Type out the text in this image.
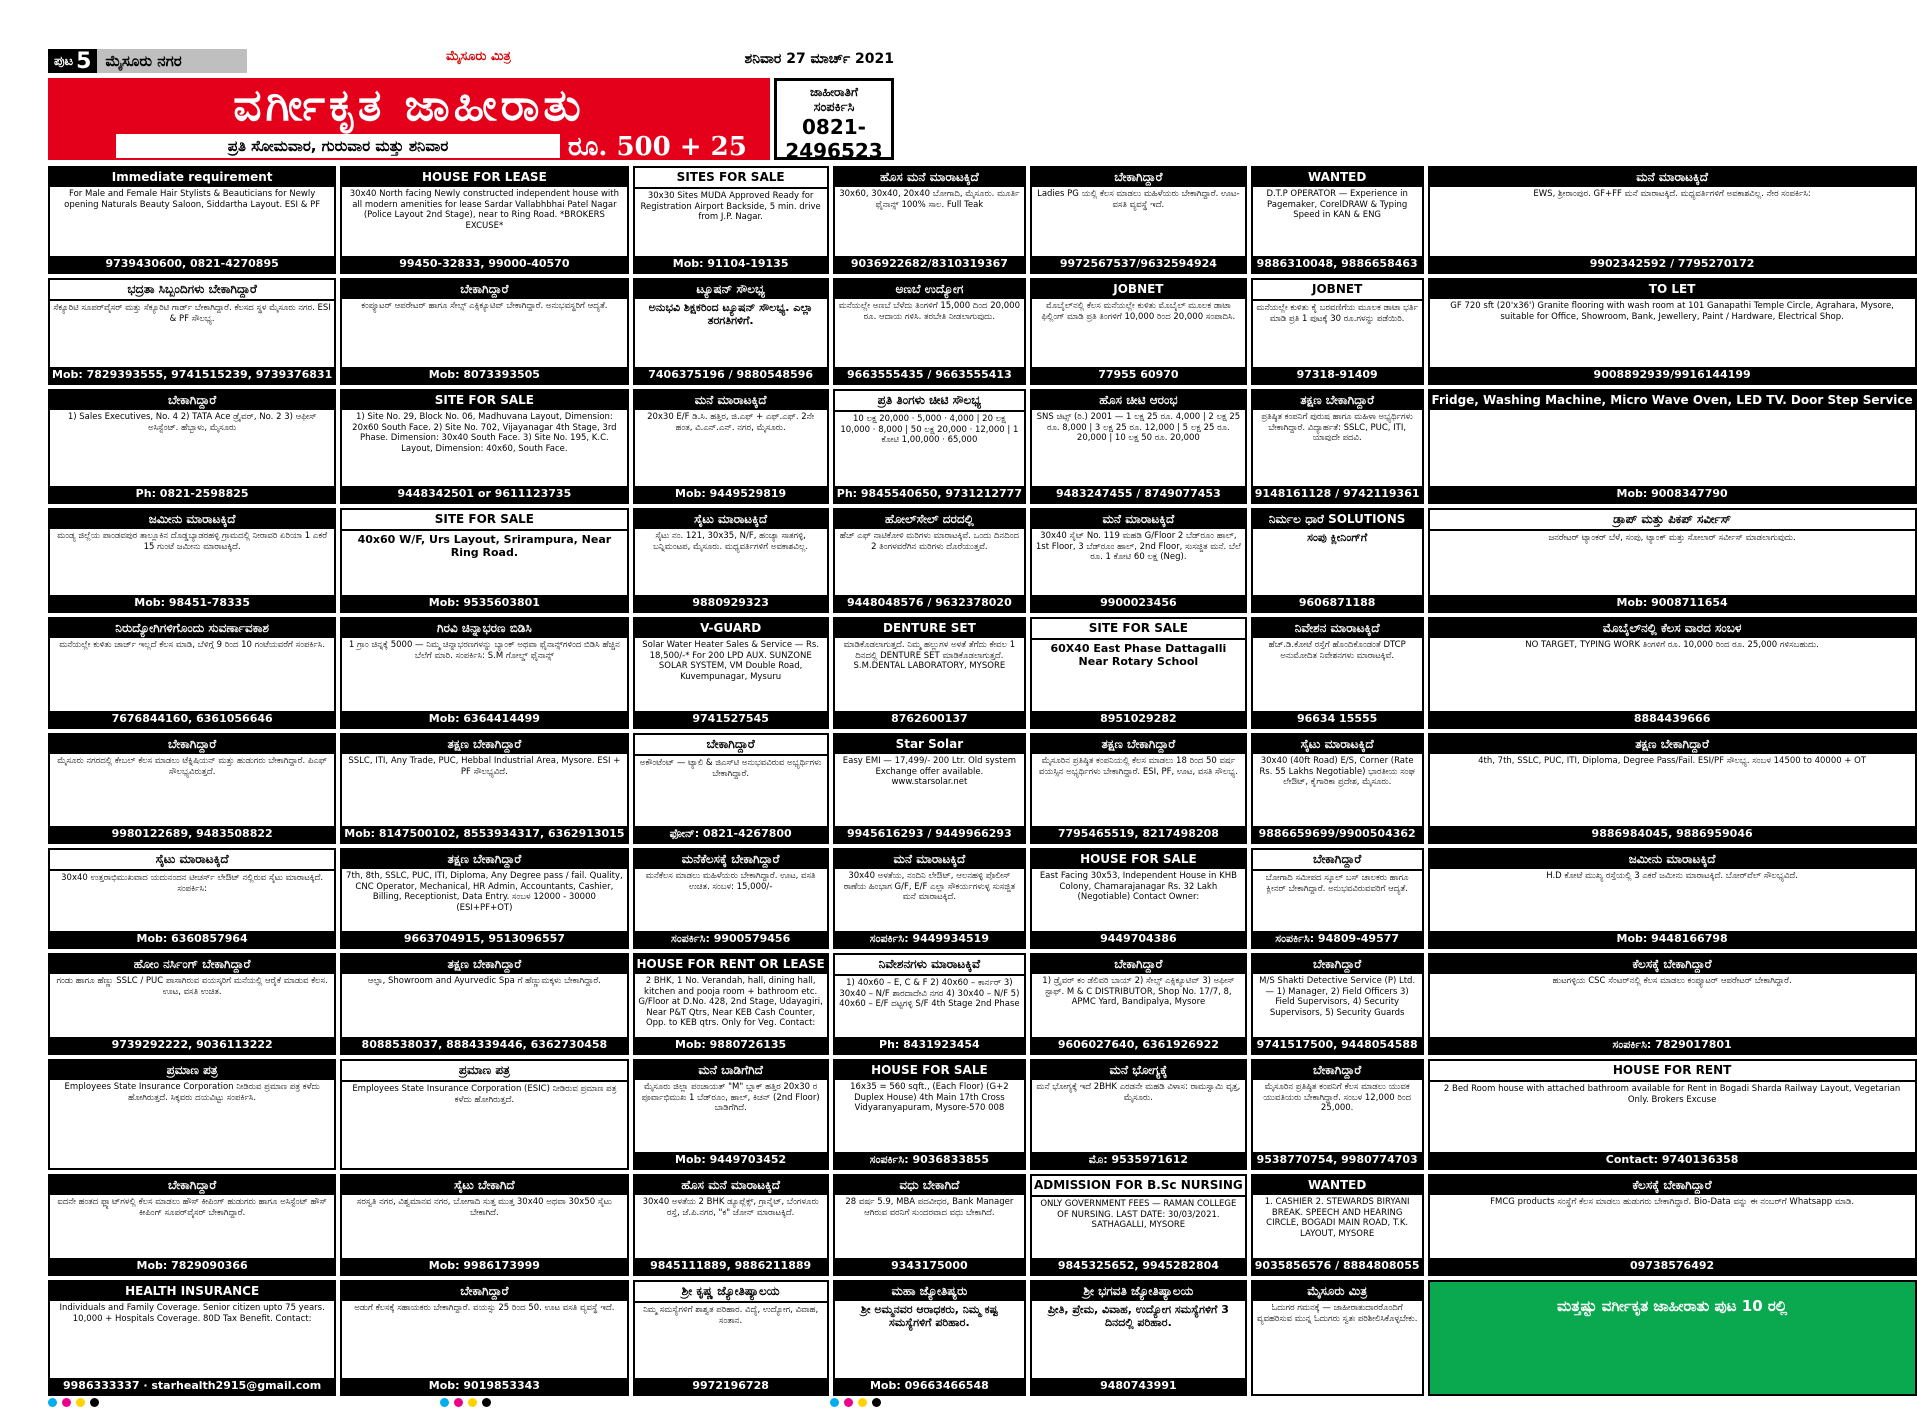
ಪುಟ 5 ಮೈಸೂರು ನಗರ	ಮೈಸೂರು ಮಿತ್ರ	ಶನಿವಾರ 27 ಮಾರ್ಚ್ 2021
ವರ್ಗೀಕೃತ ಜಾಹೀರಾತು
ಪ್ರತಿ ಸೋಮವಾರ, ಗುರುವಾರ ಮತ್ತು ಶನಿವಾರ	ರೂ. 500 + 25
ಜಾಹೀರಾತಿಗೆ
ಸಂಪರ್ಕಿಸಿ
0821-
2496523
Immediate requirement
For Male and Female Hair Stylists & Beauticians for Newly opening Naturals Beauty Saloon, Siddartha Layout. ESI & PF
9739430600, 0821-4270895
HOUSE FOR LEASE
30x40 North facing Newly constructed independent house with all modern amenities for lease Sardar Vallabhbhai Patel Nagar (Police Layout 2nd Stage), near to Ring Road. *BROKERS EXCUSE*
99450-32833, 99000-40570
SITES FOR SALE
30x30 Sites MUDA Approved Ready for Registration Airport Backside, 5 min. drive from J.P. Nagar.
Mob: 91104-19135
ಹೊಸ ಮನೆ ಮಾರಾಟಕ್ಕಿದೆ
30x60, 30x40, 20x40 ಬೋಗಾದಿ, ಮೈಸೂರು. ಮೂರ್ತಿ ಫೈನಾನ್ಸ್ 100% ಸಾಲ. Full Teak
9036922682/8310319367
ಬೇಕಾಗಿದ್ದಾರೆ
Ladies PG ಯಲ್ಲಿ ಕೆಲಸ ಮಾಡಲು ಮಹಿಳೆಯರು ಬೇಕಾಗಿದ್ದಾರೆ. ಊಟ-ವಸತಿ ವ್ಯವಸ್ಥೆ ಇದೆ.
9972567537/9632594924
WANTED
D.T.P OPERATOR — Experience in Pagemaker, CorelDRAW & Typing Speed in KAN & ENG
9886310048, 9886658463
ಮನೆ ಮಾರಾಟಕ್ಕಿದೆ
EWS, ಶ್ರೀರಾಂಪುರ. GF+FF ಮನೆ ಮಾರಾಟಕ್ಕಿದೆ. ಮಧ್ಯವರ್ತಿಗಳಿಗೆ ಅವಕಾಶವಿಲ್ಲ. ನೇರ ಸಂಪರ್ಕಿಸಿ:
9902342592 / 7795270172
ಭದ್ರತಾ ಸಿಬ್ಬಂದಿಗಳು ಬೇಕಾಗಿದ್ದಾರೆ
ಸೆಕ್ಯೂರಿಟಿ ಸೂಪರ್‌ವೈಸರ್ ಮತ್ತು ಸೆಕ್ಯೂರಿಟಿ ಗಾರ್ಡ್ ಬೇಕಾಗಿದ್ದಾರೆ. ಕೆಲಸದ ಸ್ಥಳ ಮೈಸೂರು ನಗರ. ESI & PF ಸೌಲಭ್ಯ.
Mob: 7829393555, 9741515239, 9739376831
ಬೇಕಾಗಿದ್ದಾರೆ
ಕಂಪ್ಯೂಟರ್ ಆಪರೇಟರ್ ಹಾಗೂ ಸೇಲ್ಸ್ ಎಕ್ಸಿಕ್ಯೂಟಿವ್ ಬೇಕಾಗಿದ್ದಾರೆ. ಅನುಭವಸ್ಥರಿಗೆ ಆದ್ಯತೆ.
Mob: 8073393505
ಟ್ಯೂಷನ್ ಸೌಲಭ್ಯ
ಅನುಭವಿ ಶಿಕ್ಷಕರಿಂದ ಟ್ಯೂಷನ್ ಸೌಲಭ್ಯ. ಎಲ್ಲಾ ತರಗತಿಗಳಿಗೆ.
7406375196 / 9880548596
ಅಣಬೆ ಉದ್ಯೋಗ
ಮನೆಯಲ್ಲೇ ಅಣಬೆ ಬೆಳೆದು ತಿಂಗಳಿಗೆ 15,000 ದಿಂದ 20,000 ರೂ. ಆದಾಯ ಗಳಿಸಿ. ತರಬೇತಿ ನೀಡಲಾಗುವುದು.
9663555435 / 9663555413
JOBNET
ಮೊಬೈಲ್‌ನಲ್ಲಿ ಕೆಲಸ ಮನೆಯಲ್ಲೇ ಕುಳಿತು ಮೊಬೈಲ್ ಮೂಲಕ ಡಾಟಾ ಫಿಲ್ಲಿಂಗ್ ಮಾಡಿ ಪ್ರತಿ ತಿಂಗಳಿಗೆ 10,000 ರಿಂದ 20,000 ಸಂಪಾದಿಸಿ.
77955 60970
JOBNET
ಮನೆಯಲ್ಲೇ ಕುಳಿತು ಕೈ ಬರವಣಿಗೆಯ ಮೂಲಕ ಡಾಟಾ ಭರ್ತಿ ಮಾಡಿ ಪ್ರತಿ 1 ಪುಟಕ್ಕೆ 30 ರೂ.ಗಳನ್ನು ಪಡೆಯಿರಿ.
97318-91409
TO LET
GF 720 sft (20'x36') Granite flooring with wash room at 101 Ganapathi Temple Circle, Agrahara, Mysore, suitable for Office, Showroom, Bank, Jewellery, Paint / Hardware, Electrical Shop.
9008892939/9916144199
ಬೇಕಾಗಿದ್ದಾರೆ
1) Sales Executives, No. 4 2) TATA Ace ಡ್ರೈವರ್, No. 2 3) ಆಫೀಸ್ ಅಸಿಸ್ಟೆಂಟ್. ಹೆಬ್ಬಾಳು, ಮೈಸೂರು
Ph: 0821-2598825
SITE FOR SALE
1) Site No. 29, Block No. 06, Madhuvana Layout, Dimension: 20x60 South Face. 2) Site No. 702, Vijayanagar 4th Stage, 3rd Phase. Dimension: 30x40 South Face. 3) Site No. 195, K.C. Layout, Dimension: 40x60, South Face.
9448342501 or 9611123735
ಮನೆ ಮಾರಾಟಕ್ಕಿದೆ
20x30 E/F ಡಿ.ಸಿ. ಹತ್ತಿರ, ಜಿ.ಎಫ್ + ಎಫ್.ಎಫ್. 2ನೇ ಹಂತ, ವಿ.ಎನ್.ಎನ್. ನಗರ, ಮೈಸೂರು.
Mob: 9449529819
ಪ್ರತಿ ತಿಂಗಳು ಚೀಟಿ ಸೌಲಭ್ಯ
10 ಲಕ್ಷ 20,000 · 5,000 · 4,000 | 20 ಲಕ್ಷ 10,000 · 8,000 | 50 ಲಕ್ಷ 20,000 · 12,000 | 1 ಕೋಟಿ 1,00,000 · 65,000
Ph: 9845540650, 9731212777
ಹೊಸ ಚೀಟಿ ಆರಂಭ
SNS ಚಿಟ್ಸ್ (ರಿ.) 2001 — 1 ಲಕ್ಷ 25 ರೂ. 4,000 | 2 ಲಕ್ಷ 25 ರೂ. 8,000 | 3 ಲಕ್ಷ 25 ರೂ. 12,000 | 5 ಲಕ್ಷ 25 ರೂ. 20,000 | 10 ಲಕ್ಷ 50 ರೂ. 20,000
9483247455 / 8749077453
ತಕ್ಷಣ ಬೇಕಾಗಿದ್ದಾರೆ
ಪ್ರತಿಷ್ಠಿತ ಕಂಪನಿಗೆ ಪುರುಷ ಹಾಗೂ ಮಹಿಳಾ ಅಭ್ಯರ್ಥಿಗಳು ಬೇಕಾಗಿದ್ದಾರೆ. ವಿದ್ಯಾರ್ಹತೆ: SSLC, PUC, ITI, ಯಾವುದೇ ಪದವಿ.
9148161128 / 9742119361
Fridge, Washing Machine, Micro Wave Oven, LED TV. Door Step Service
Mob: 9008347790
ಜಮೀನು ಮಾರಾಟಕ್ಕಿದೆ
ಮಂಡ್ಯ ಜಿಲ್ಲೆಯ ಪಾಂಡವಪುರ ತಾಲ್ಲೂಕಿನ ದೊಡ್ಡಬ್ಯಾಡರಹಳ್ಳಿ ಗ್ರಾಮದಲ್ಲಿ ನೀರಾವರಿ ಏರಿಯಾ 1 ಎಕರೆ 15 ಗುಂಟೆ ಜಮೀನು ಮಾರಾಟಕ್ಕಿದೆ.
Mob: 98451-78335
SITE FOR SALE
40x60 W/F, Urs Layout, Srirampura, Near Ring Road.
Mob: 9535603801
ಸೈಟು ಮಾರಾಟಕ್ಕಿದೆ
ಸೈಟು ನಂ. 121, 30x35, N/F, ಹಂಚ್ಯಾ ಸಾತಗಳ್ಳಿ, ಬನ್ನಿಮಂಟಪ, ಮೈಸೂರು. ಮಧ್ಯವರ್ತಿಗಳಿಗೆ ಅವಕಾಶವಿಲ್ಲ.
9880929323
ಹೋಲ್‌ಸೇಲ್ ದರದಲ್ಲಿ
ಹೆಚ್ ಎಫ್ ನಾಟಿಕೋಳಿ ಮರಿಗಳು ಮಾರಾಟಕ್ಕಿವೆ. ಒಂದು ದಿನದಿಂದ 2 ತಿಂಗಳವರೆಗಿನ ಮರಿಗಳು ದೊರೆಯುತ್ತವೆ.
9448048576 / 9632378020
ಮನೆ ಮಾರಾಟಕ್ಕಿದೆ
30x40 ಸೈಟ್ No. 119 ಮಹಡಿ G/Floor 2 ಬೆಡ್‌ರೂಂ ಹಾಲ್, 1st Floor, 3 ಬೆಡ್‌ರೂಂ ಹಾಲ್, 2nd Floor, ಸುಸಜ್ಜಿತ ಮನೆ. ಬೆಲೆ ರೂ. 1 ಕೋಟಿ 60 ಲಕ್ಷ (Neg).
9900023456
ನಿರ್ಮಲ ಧಾರೆ SOLUTIONS
ಸಂಪು ಕ್ಲೀನಿಂಗ್‌ಗೆ
9606871188
ಡ್ರಾಪ್ ಮತ್ತು ಪಿಕಪ್ ಸರ್ವೀಸ್
ಜನರೇಟರ್ ಟ್ಯಾಂಕರ್ ಬೆಳೆ, ಸಂಪು, ಟ್ಯಾಂಕ್ ಮತ್ತು ಸೋಲಾರ್ ಸರ್ವೀಸ್ ಮಾಡಲಾಗುವುದು.
Mob: 9008711654
ನಿರುದ್ಯೋಗಿಗಳಿಗೊಂದು ಸುವರ್ಣಾವಕಾಶ
ಮನೆಯಲ್ಲೇ ಕುಳಿತು ಚಾರ್ಜ್ ಇಲ್ಲದೆ ಕೆಲಸ ಮಾಡಿ, ಬೆಳಿಗ್ಗೆ 9 ರಿಂದ 10 ಗಂಟೆಯವರೆಗೆ ಸಂಪರ್ಕಿಸಿ.
7676844160, 6361056646
ಗಿರವಿ ಚಿನ್ನಾಭರಣ ಬಿಡಿಸಿ
1 ಗ್ರಾಂ ಚಿನ್ನಕ್ಕೆ 5000 — ನಿಮ್ಮ ಚಿನ್ನಾಭರಣಗಳನ್ನು ಬ್ಯಾಂಕ್ ಅಥವಾ ಫೈನಾನ್ಸ್‌ಗಳಿಂದ ಬಿಡಿಸಿ ಹೆಚ್ಚಿನ ಬೆಲೆಗೆ ಮಾರಿ. ಸಂಪರ್ಕಿಸಿ: S.M ಗೋಲ್ಡ್ ಫೈನಾನ್ಸ್
Mob: 6364414499
V-GUARD
Solar Water Heater Sales & Service — Rs. 18,500/-* For 200 LPD AUX. SUNZONE SOLAR SYSTEM, VM Double Road, Kuvempunagar, Mysuru
9741527545
DENTURE SET
ಮಾಡಿಕೊಡಲಾಗುತ್ತದೆ. ನಿಮ್ಮ ಹಲ್ಲುಗಳ ಅಳತೆ ತೆಗೆದು ಕೇವಲ 1 ದಿನದಲ್ಲಿ DENTURE SET ಮಾಡಿಕೊಡಲಾಗುತ್ತದೆ. S.M.DENTAL LABORATORY, MYSORE
8762600137
SITE FOR SALE
60X40 East Phase Dattagalli Near Rotary School
8951029282
ನಿವೇಶನ ಮಾರಾಟಕ್ಕಿದೆ
ಹೆಚ್.ಡಿ.ಕೋಟೆ ರಸ್ತೆಗೆ ಹೊಂದಿಕೊಂಡಂತೆ DTCP ಅನುಮೋದಿತ ನಿವೇಶನಗಳು ಮಾರಾಟಕ್ಕಿವೆ.
96634 15555
ಮೊಬೈಲ್‌ನಲ್ಲಿ ಕೆಲಸ ವಾರದ ಸಂಬಳ
NO TARGET, TYPING WORK ತಿಂಗಳಿಗೆ ರೂ. 10,000 ರಿಂದ ರೂ. 25,000 ಗಳಿಸಬಹುದು.
8884439666
ಬೇಕಾಗಿದ್ದಾರೆ
ಮೈಸೂರು ನಗರದಲ್ಲಿ ಕೇಬಲ್ ಕೆಲಸ ಮಾಡಲು ಟೆಕ್ನಿಷಿಯನ್ ಮತ್ತು ಹುಡುಗರು ಬೇಕಾಗಿದ್ದಾರೆ. ಪಿಎಫ್ ಸೌಲಭ್ಯವಿರುತ್ತದೆ.
9980122689, 9483508822
ತಕ್ಷಣ ಬೇಕಾಗಿದ್ದಾರೆ
SSLC, ITI, Any Trade, PUC, Hebbal Industrial Area, Mysore. ESI + PF ಸೌಲಭ್ಯವಿದೆ.
Mob: 8147500102, 8553934317, 6362913015
ಬೇಕಾಗಿದ್ದಾರೆ
ಅಕೌಂಟೆಂಟ್ — ಟ್ಯಾಲಿ & ಜಿಎಸ್‌ಟಿ ಅನುಭವವಿರುವ ಅಭ್ಯರ್ಥಿಗಳು ಬೇಕಾಗಿದ್ದಾರೆ.
ಫೋನ್: 0821-4267800
Star Solar
Easy EMI — 17,499/- 200 Ltr. Old system Exchange offer available. www.starsolar.net
9945616293 / 9449966293
ತಕ್ಷಣ ಬೇಕಾಗಿದ್ದಾರೆ
ಮೈಸೂರಿನ ಪ್ರತಿಷ್ಠಿತ ಕಂಪನಿಯಲ್ಲಿ ಕೆಲಸ ಮಾಡಲು 18 ರಿಂದ 50 ವರ್ಷ ವಯಸ್ಸಿನ ಅಭ್ಯರ್ಥಿಗಳು ಬೇಕಾಗಿದ್ದಾರೆ. ESI, PF, ಊಟ, ವಸತಿ ಸೌಲಭ್ಯ.
7795465519, 8217498208
ಸೈಟು ಮಾರಾಟಕ್ಕಿದೆ
30x40 (40ft Road) E/S, Corner (Rate Rs. 55 Lakhs Negotiable) ಭಾರತೀಯ ಸಂಘ ಲೇಔಟ್, ಕೈಗಾರಿಕಾ ಪ್ರದೇಶ, ಮೈಸೂರು.
9886659699/9900504362
ತಕ್ಷಣ ಬೇಕಾಗಿದ್ದಾರೆ
4th, 7th, SSLC, PUC, ITI, Diploma, Degree Pass/Fail. ESI/PF ಸೌಲಭ್ಯ. ಸಂಬಳ 14500 to 40000 + OT
9886984045, 9886959046
ಸೈಟು ಮಾರಾಟಕ್ಕಿದೆ
30x40 ಉತ್ತರಾಭಿಮುಖವಾದ ಯದುನಂದನ ಟೀಚರ್ಸ್ ಲೇಔಟ್ ನಲ್ಲಿರುವ ಸೈಟು ಮಾರಾಟಕ್ಕಿದೆ. ಸಂಪರ್ಕಿಸಿ:
Mob: 6360857964
ತಕ್ಷಣ ಬೇಕಾಗಿದ್ದಾರೆ
7th, 8th, SSLC, PUC, ITI, Diploma, Any Degree pass / fail. Quality, CNC Operator, Mechanical, HR Admin, Accountants, Cashier, Billing, Receptionist, Data Entry. ಸಂಬಳ 12000 - 30000 (ESI+PF+OT)
9663704915, 9513096557
ಮನೆಕೆಲಸಕ್ಕೆ ಬೇಕಾಗಿದ್ದಾರೆ
ಮನೆಕೆಲಸ ಮಾಡಲು ಮಹಿಳೆಯರು ಬೇಕಾಗಿದ್ದಾರೆ. ಊಟ, ವಸತಿ ಉಚಿತ. ಸಂಬಳ: 15,000/-
ಸಂಪರ್ಕಿಸಿ: 9900579456
ಮನೆ ಮಾರಾಟಕ್ಕಿದೆ
30x40 ಅಳತೆಯ, ನಂದಿನಿ ಲೇಔಟ್, ಆಲನಹಳ್ಳಿ ಪೊಲೀಸ್ ಠಾಣೆಯ ಹಿಂಭಾಗ G/F, E/F ಎಲ್ಲಾ ಸೌಕರ್ಯಗಳುಳ್ಳ ಸುಸಜ್ಜಿತ ಮನೆ ಮಾರಾಟಕ್ಕಿದೆ.
ಸಂಪರ್ಕಿಸಿ: 9449934519
HOUSE FOR SALE
East Facing 30x53, Independent House in KHB Colony, Chamarajanagar Rs. 32 Lakh (Negotiable) Contact Owner:
9449704386
ಬೇಕಾಗಿದ್ದಾರೆ
ಬೋಗಾದಿ ಸಮೀಪದ ಸ್ಕೂಲ್ ಬಸ್ ಚಾಲಕರು ಹಾಗೂ ಕ್ಲೀನರ್ ಬೇಕಾಗಿದ್ದಾರೆ. ಅನುಭವವಿರುವವರಿಗೆ ಆದ್ಯತೆ.
ಸಂಪರ್ಕಿಸಿ: 94809-49577
ಜಮೀನು ಮಾರಾಟಕ್ಕಿದೆ
H.D ಕೋಟೆ ಮುಖ್ಯ ರಸ್ತೆಯಲ್ಲಿ 3 ಎಕರೆ ಜಮೀನು ಮಾರಾಟಕ್ಕಿದೆ. ಬೋರ್‌ವೆಲ್ ಸೌಲಭ್ಯವಿದೆ.
Mob: 9448166798
ಹೋಂ ನರ್ಸಿಂಗ್ ಬೇಕಾಗಿದ್ದಾರೆ
ಗಂಡು ಹಾಗೂ ಹೆಣ್ಣು SSLC / PUC ಪಾಸಾಗಿರುವ ವಯಸ್ಕರಿಗೆ ಮನೆಯಲ್ಲಿ ಆರೈಕೆ ಮಾಡುವ ಕೆಲಸ. ಊಟ, ವಸತಿ ಉಚಿತ.
9739292222, 9036113222
ತಕ್ಷಣ ಬೇಕಾಗಿದ್ದಾರೆ
ಆಲ್ಫಾ, Showroom and Ayurvedic Spa ಗೆ ಹೆಣ್ಣುಮಕ್ಕಳು ಬೇಕಾಗಿದ್ದಾರೆ.
8088538037, 8884339446, 6362730458
HOUSE FOR RENT OR LEASE
2 BHK, 1 No. Verandah, hall, dining hall, kitchen and pooja room + bathroom etc. G/Floor at D.No. 428, 2nd Stage, Udayagiri, Near P&T Qtrs, Near KEB Cash Counter, Opp. to KEB qtrs. Only for Veg. Contact:
Mob: 9880726135
ನಿವೇಶನಗಳು ಮಾರಾಟಕ್ಕಿವೆ
1) 40x60 – E, C & F 2) 40x60 – ಕಾರ್ನರ್ 3) 30x40 – N/F ಶಾರದಾದೇವಿ ನಗರ 4) 30x40 – N/F 5) 40x60 – E/F ದಟ್ಟಗಳ್ಳಿ S/F 4th Stage 2nd Phase
Ph: 8431923454
ಬೇಕಾಗಿದ್ದಾರೆ
1) ಡ್ರೈವರ್ ಕಂ ಡೆಲಿವರಿ ಬಾಯ್ 2) ಸೇಲ್ಸ್ ಎಕ್ಸಿಕ್ಯೂಟಿವ್ 3) ಅಫೀಸ್ ಸ್ಟಾಫ್. M & C DISTRIBUTOR, Shop No. 17/7, 8, APMC Yard, Bandipalya, Mysore
9606027640, 6361926922
ಬೇಕಾಗಿದ್ದಾರೆ
M/S Shakti Detective Service (P) Ltd. — 1) Manager, 2) Field Officers 3) Field Supervisors, 4) Security Supervisors, 5) Security Guards
9741517500, 9448054588
ಕೆಲಸಕ್ಕೆ ಬೇಕಾಗಿದ್ದಾರೆ
ಹುಟಗಳ್ಳಿಯ CSC ಸೆಂಟರ್‌ನಲ್ಲಿ ಕೆಲಸ ಮಾಡಲು ಕಂಪ್ಯೂಟರ್ ಆಪರೇಟರ್ ಬೇಕಾಗಿದ್ದಾರೆ.
ಸಂಪರ್ಕಿಸಿ: 7829017801
ಪ್ರಮಾಣ ಪತ್ರ
Employees State Insurance Corporation ನೀಡಿರುವ ಪ್ರಮಾಣ ಪತ್ರ ಕಳೆದು ಹೋಗಿರುತ್ತದೆ. ಸಿಕ್ಕವರು ದಯವಿಟ್ಟು ಸಂಪರ್ಕಿಸಿ.
ಪ್ರಮಾಣ ಪತ್ರ
Employees State Insurance Corporation (ESIC) ನೀಡಿರುವ ಪ್ರಮಾಣ ಪತ್ರ ಕಳೆದು ಹೋಗಿರುತ್ತದೆ.
ಮನೆ ಬಾಡಿಗೆಗಿದೆ
ಮೈಸೂರು ಜಿಲ್ಲಾ ಪಂಚಾಯತ್ "M" ಬ್ಲಾಕ್ ಹತ್ತಿರ 20x30 ರ ಪೂರ್ವಾಭಿಮುಖ 1 ಬೆಡ್‌ರೂಂ, ಹಾಲ್, ಕಿಚನ್ (2nd Floor) ಬಾಡಿಗೆಗಿದೆ.
Mob: 9449703452
HOUSE FOR SALE
16x35 = 560 sqft., (Each Floor) (G+2 Duplex House) 4th Main 17th Cross Vidyaranyapuram, Mysore-570 008
ಸಂಪರ್ಕಿಸಿ: 9036833855
ಮನೆ ಭೋಗ್ಯಕ್ಕೆ
ಮನೆ ಭೋಗ್ಯಕ್ಕೆ ಇದೆ 2BHK ಎರಡನೇ ಮಹಡಿ ವಿಳಾಸ: ರಾಮಸ್ವಾಮಿ ವೃತ್ತ, ಮೈಸೂರು.
ಮೊ: 9535971612
ಬೇಕಾಗಿದ್ದಾರೆ
ಮೈಸೂರಿನ ಪ್ರತಿಷ್ಠಿತ ಕಂಪನಿಗೆ ಕೆಲಸ ಮಾಡಲು ಯುವಕ ಯುವತಿಯರು ಬೇಕಾಗಿದ್ದಾರೆ. ಸಂಬಳ 12,000 ರಿಂದ 25,000.
9538770754, 9980774703
HOUSE FOR RENT
2 Bed Room house with attached bathroom available for Rent in Bogadi Sharda Railway Layout, Vegetarian Only. Brokers Excuse
Contact: 9740136358
ಬೇಕಾಗಿದ್ದಾರೆ
ಐದನೇ ಹಂತದ ಫ್ಲ್ಯಾಟ್‌ಗಳಲ್ಲಿ ಕೆಲಸ ಮಾಡಲು ಹೌಸ್ ಕೀಪಿಂಗ್ ಹುಡುಗರು ಹಾಗೂ ಅಸಿಸ್ಟೆಂಟ್ ಹೌಸ್ ಕೀಪಿಂಗ್ ಸೂಪರ್‌ವೈಸರ್ ಬೇಕಾಗಿದ್ದಾರೆ.
Mob: 7829090366
ಸೈಟು ಬೇಕಾಗಿದೆ
ಸರಸ್ವತಿ ನಗರ, ವಿಶ್ವಮಾನವ ನಗರ, ಬೋಗಾದಿ ಸುತ್ತ ಮುತ್ತ 30x40 ಅಥವಾ 30x50 ಸೈಟು ಬೇಕಾಗಿದೆ.
Mob: 9986173999
ಹೊಸ ಮನೆ ಮಾರಾಟಕ್ಕಿದೆ
30x40 ಅಳತೆಯ 2 BHK ಡ್ಯೂಪ್ಲೆಕ್ಸ್, ಗ್ರಾನೈಟ್, ಬೆಂಗಳೂರು ರಸ್ತೆ, ಜೆ.ಪಿ.ನಗರ, "ಕ" ಜೋನ್ ಮಾರಾಟಕ್ಕಿದೆ.
9845111889, 9886211889
ವಧು ಬೇಕಾಗಿದೆ
28 ವರ್ಷ 5.9, MBA ಪದವೀಧರ, Bank Manager ಆಗಿರುವ ವರನಿಗೆ ಸುಂದರವಾದ ವಧು ಬೇಕಾಗಿದೆ.
9343175000
ADMISSION FOR B.Sc NURSING
ONLY GOVERNMENT FEES — RAMAN COLLEGE OF NURSING. LAST DATE: 30/03/2021. SATHAGALLI, MYSORE
9845325652, 9945282804
WANTED
1. CASHIER 2. STEWARDS BIRYANI BREAK. SPEECH AND HEARING CIRCLE, BOGADI MAIN ROAD, T.K. LAYOUT, MYSORE
9035856576 / 8884808055
ಕೆಲಸಕ್ಕೆ ಬೇಕಾಗಿದ್ದಾರೆ
FMCG products ಸಂಸ್ಥೆಗೆ ಕೆಲಸ ಮಾಡಲು ಹುಡುಗರು ಬೇಕಾಗಿದ್ದಾರೆ. Bio-Data ವನ್ನು ಈ ನಂಬರ್‌ಗೆ Whatsapp ಮಾಡಿ.
09738576492
HEALTH INSURANCE
Individuals and Family Coverage. Senior citizen upto 75 years. 10,000 + Hospitals Coverage. 80D Tax Benefit. Contact:
9986333337 · starhealth2915@gmail.com
ಬೇಕಾಗಿದ್ದಾರೆ
ಅಡುಗೆ ಕೆಲಸಕ್ಕೆ ಸಹಾಯಕರು ಬೇಕಾಗಿದ್ದಾರೆ. ವಯಸ್ಸು 25 ರಿಂದ 50. ಊಟ ವಸತಿ ವ್ಯವಸ್ಥೆ ಇದೆ.
Mob: 9019853343
ಶ್ರೀ ಕೃಷ್ಣ ಜ್ಯೋತಿಷ್ಯಾಲಯ
ನಿಮ್ಮ ಸಮಸ್ಯೆಗಳಿಗೆ ಶಾಶ್ವತ ಪರಿಹಾರ. ವಿದ್ಯೆ, ಉದ್ಯೋಗ, ವಿವಾಹ, ಸಂತಾನ.
9972196728
ಮಹಾ ಜ್ಯೋತಿಷ್ಯರು
ಶ್ರೀ ಅಮ್ಮನವರ ಆರಾಧಕರು, ನಿಮ್ಮ ಕಷ್ಟ ಸಮಸ್ಯೆಗಳಿಗೆ ಪರಿಹಾರ.
Mob: 09663466548
ಶ್ರೀ ಭಗವತಿ ಜ್ಯೋತಿಷ್ಯಾಲಯ
ಪ್ರೀತಿ, ಪ್ರೇಮ, ವಿವಾಹ, ಉದ್ಯೋಗ ಸಮಸ್ಯೆಗಳಿಗೆ 3 ದಿನದಲ್ಲಿ ಪರಿಹಾರ.
9480743991
ಮೈಸೂರು ಮಿತ್ರ
ಓದುಗರ ಗಮನಕ್ಕೆ — ಜಾಹೀರಾತುದಾರರೊಂದಿಗೆ ವ್ಯವಹರಿಸುವ ಮುನ್ನ ಓದುಗರು ಸ್ವತಃ ಪರಿಶೀಲಿಸಿಕೊಳ್ಳಬೇಕು.
ಮತ್ತಷ್ಟು ವರ್ಗೀಕೃತ ಜಾಹೀರಾತು ಪುಟ 10 ರಲ್ಲಿ
